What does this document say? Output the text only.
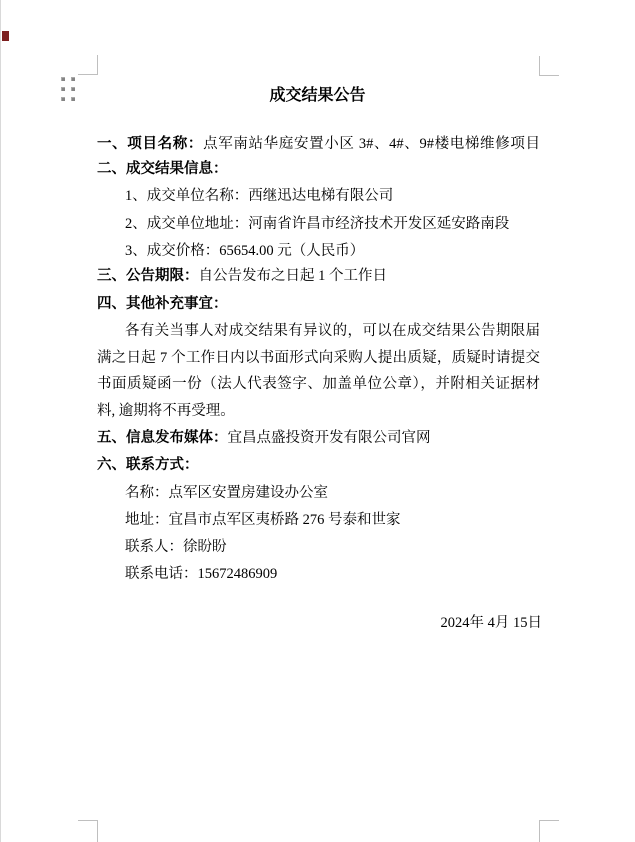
成交结果公告
一、项目名称：点军南站华庭安置小区 3#、4#、9#楼电梯维修项目
二、成交结果信息：
1、成交单位名称：西继迅达电梯有限公司
2、成交单位地址：河南省许昌市经济技术开发区延安路南段
3、成交价格：65654.00 元（人民币）
三、公告期限：自公告发布之日起 1 个工作日
四、其他补充事宜：
各有关当事人对成交结果有异议的，可以在成交结果公告期限届
满之日起 7 个工作日内以书面形式向采购人提出质疑，质疑时请提交
书面质疑函一份（法人代表签字、加盖单位公章），并附相关证据材
料, 逾期将不再受理。
五、信息发布媒体：宜昌点盛投资开发有限公司官网
六、联系方式：
名称：点军区安置房建设办公室
地址：宜昌市点军区夷桥路 276 号泰和世家
联系人：徐盼盼
联系电话：15672486909
2024年 4月 15日
